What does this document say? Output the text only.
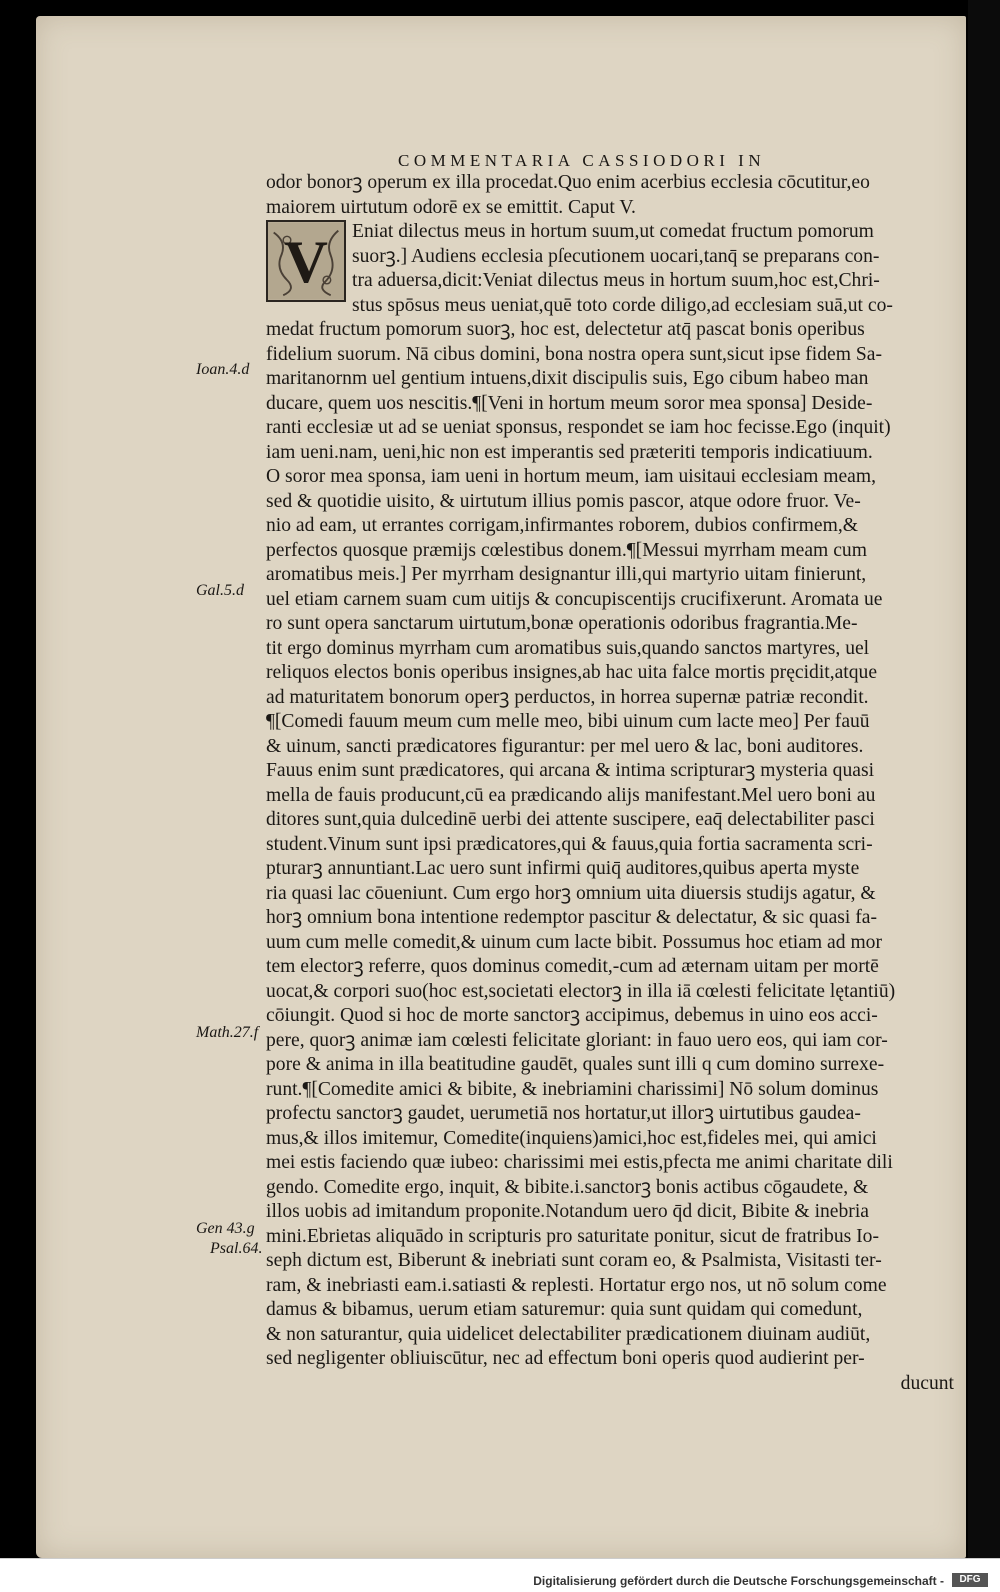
COMMENTARIA CASSIODORI IN
V
odor bonorꝫ operum ex illa procedat.Quo enim acerbius ecclesia cōcutitur,eo
maiorem uirtutum odorē ex se emittit. Caput V.
Eniat dilectus meus in hortum suum,ut comedat fructum pomorum
suorꝫ.] Audiens ecclesia pſecutionem uocari,tanq̄ se preparans con-
tra aduersa,dicit:Veniat dilectus meus in hortum suum,hoc est,Chri-
stus spōsus meus ueniat,quē toto corde diligo,ad ecclesiam suā,ut co-
medat fructum pomorum suorꝫ, hoc est, delectetur atq̄ pascat bonis operibus
fidelium suorum. Nā cibus domini, bona nostra opera sunt,sicut ipse fidem Sa-
maritanornm uel gentium intuens,dixit discipulis suis, Ego cibum habeo man
ducare, quem uos nescitis.¶[Veni in hortum meum soror mea sponsa] Deside-
ranti ecclesiæ ut ad se ueniat sponsus, respondet se iam hoc fecisse.Ego (inquit)
iam ueni.nam, ueni,hic non est imperantis sed præteriti temporis indicatiuum.
O soror mea sponsa, iam ueni in hortum meum, iam uisitaui ecclesiam meam,
sed & quotidie uisito, & uirtutum illius pomis pascor, atque odore fruor. Ve-
nio ad eam, ut errantes corrigam,infirmantes roborem, dubios confirmem,&
perfectos quosque præmijs cœlestibus donem.¶[Messui myrrham meam cum
aromatibus meis.] Per myrrham designantur illi,qui martyrio uitam finierunt,
uel etiam carnem suam cum uitijs & concupiscentijs crucifixerunt. Aromata ue
ro sunt opera sanctarum uirtutum,bonæ operationis odoribus fragrantia.Me-
tit ergo dominus myrrham cum aromatibus suis,quando sanctos martyres, uel
reliquos electos bonis operibus insignes,ab hac uita falce mortis pręcidit,atque
ad maturitatem bonorum operꝫ perductos, in horrea supernæ patriæ recondit.
¶[Comedi fauum meum cum melle meo, bibi uinum cum lacte meo] Per fauū
& uinum, sancti prædicatores figurantur: per mel uero & lac, boni auditores.
Fauus enim sunt prædicatores, qui arcana & intima scripturarꝫ mysteria quasi
mella de fauis producunt,cū ea prædicando alijs manifestant.Mel uero boni au
ditores sunt,quia dulcedinē uerbi dei attente suscipere, eaq̄ delectabiliter pasci
student.Vinum sunt ipsi prædicatores,qui & fauus,quia fortia sacramenta scri-
pturarꝫ annuntiant.Lac uero sunt infirmi quiq̄ auditores,quibus aperta myste
ria quasi lac cōueniunt. Cum ergo horꝫ omnium uita diuersis studijs agatur, &
horꝫ omnium bona intentione redemptor pascitur & delectatur, & sic quasi fa-
uum cum melle comedit,& uinum cum lacte bibit. Possumus hoc etiam ad mor
tem electorꝫ referre, quos dominus comedit,-cum ad æternam uitam per mortē
uocat,& corpori suo(hoc est,societati electorꝫ in illa iā cœlesti felicitate lętantiū)
cōiungit. Quod si hoc de morte sanctorꝫ accipimus, debemus in uino eos acci-
pere, quorꝫ animæ iam cœlesti felicitate gloriant: in fauo uero eos, qui iam cor-
pore & anima in illa beatitudine gaudēt, quales sunt illi q cum domino surrexe-
runt.¶[Comedite amici & bibite, & inebriamini charissimi] Nō solum dominus
profectu sanctorꝫ gaudet, uerumetiā nos hortatur,ut illorꝫ uirtutibus gaudea-
mus,& illos imitemur, Comedite(inquiens)amici,hoc est,fideles mei, qui amici
mei estis faciendo quæ iubeo: charissimi mei estis,pfecta me animi charitate dili
gendo. Comedite ergo, inquit, & bibite.i.sanctorꝫ bonis actibus cōgaudete, &
illos uobis ad imitandum proponite.Notandum uero q̄d dicit, Bibite & inebria
mini.Ebrietas aliquādo in scripturis pro saturitate ponitur, sicut de fratribus Io-
seph dictum est, Biberunt & inebriati sunt coram eo, & Psalmista, Visitasti ter-
ram, & inebriasti eam.i.satiasti & replesti. Hortatur ergo nos, ut nō solum come
damus & bibamus, uerum etiam saturemur: quia sunt quidam qui comedunt,
& non saturantur, quia uidelicet delectabiliter prædicationem diuinam audiūt,
sed negligenter obliuiscūtur, nec ad effectum boni operis quod audierint per-
ducunt
Ioan.4.d
Gal.5.d
Math.27.f
Gen 43.g
Psal.64.
Digitalisierung gefördert durch die Deutsche Forschungsgemeinschaft -	DFG
